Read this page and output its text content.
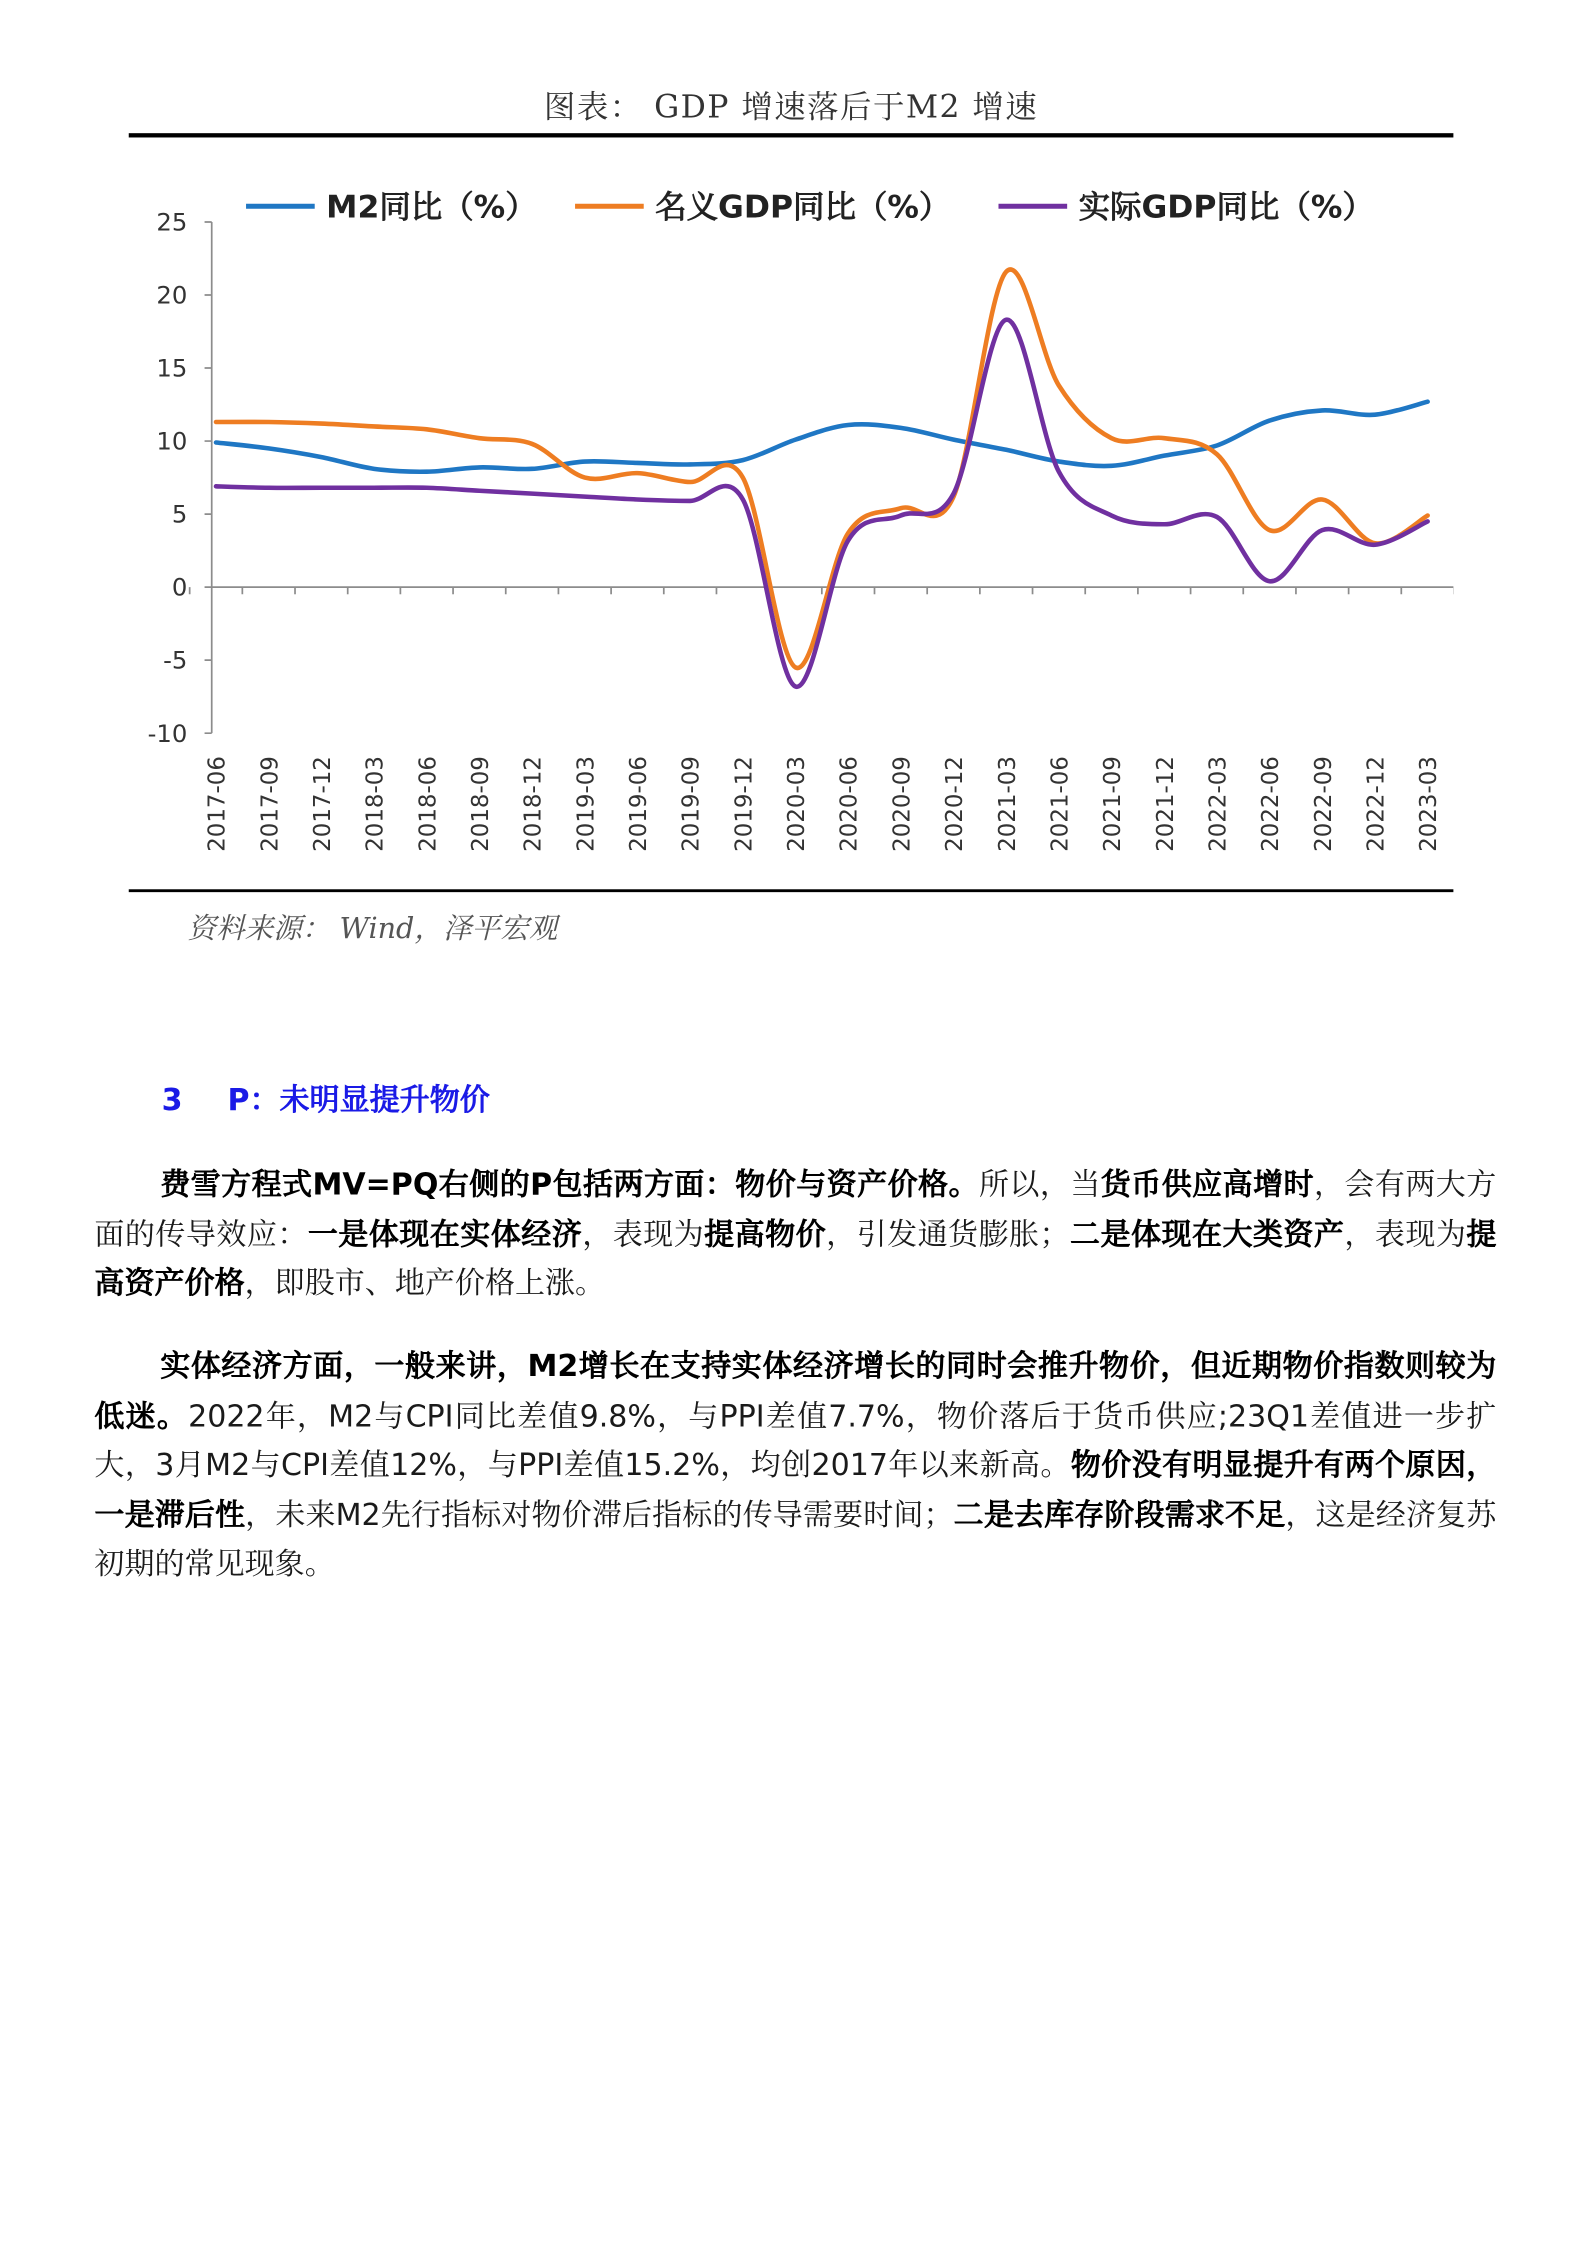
图表： GDP 增速落后于M2 增速
M2同比（%）	名义GDP同比（%）	实际GDP同比（%）
25
20
15
10
5
0
-5
-10
2017-06 2017-09 2017-12 2018-03 2018-06 2018-09 2018-12 2019-03 2019-06 2019-09 2019-12 2020-03 2020-06 2020-09 2020-12 2021-03 2021-06 2021-09 2021-12 2022-03 2022-06 2022-09 2022-12 2023-03
资料来源： Wind，泽平宏观
3 P：未明显提升物价

费雪方程式MV=PQ右侧的P包括两方面：物价与资产价格。所以，当货币供应高增时，会有两大方面的传导效应：一是体现在实体经济，表现为提高物价，引发通货膨胀；二是体现在大类资产，表现为提高资产价格，即股市、地产价格上涨。

实体经济方面，一般来讲，M2增长在支持实体经济增长的同时会推升物价，但近期物价指数则较为低迷。2022年，M2与CPI同比差值9.8%，与PPI差值7.7%，物价落后于货币供应;23Q1差值进一步扩大，3月M2与CPI差值12%，与PPI差值15.2%，均创2017年以来新高。物价没有明显提升有两个原因，一是滞后性，未来M2先行指标对物价滞后指标的传导需要时间；二是去库存阶段需求不足，这是经济复苏初期的常见现象。
